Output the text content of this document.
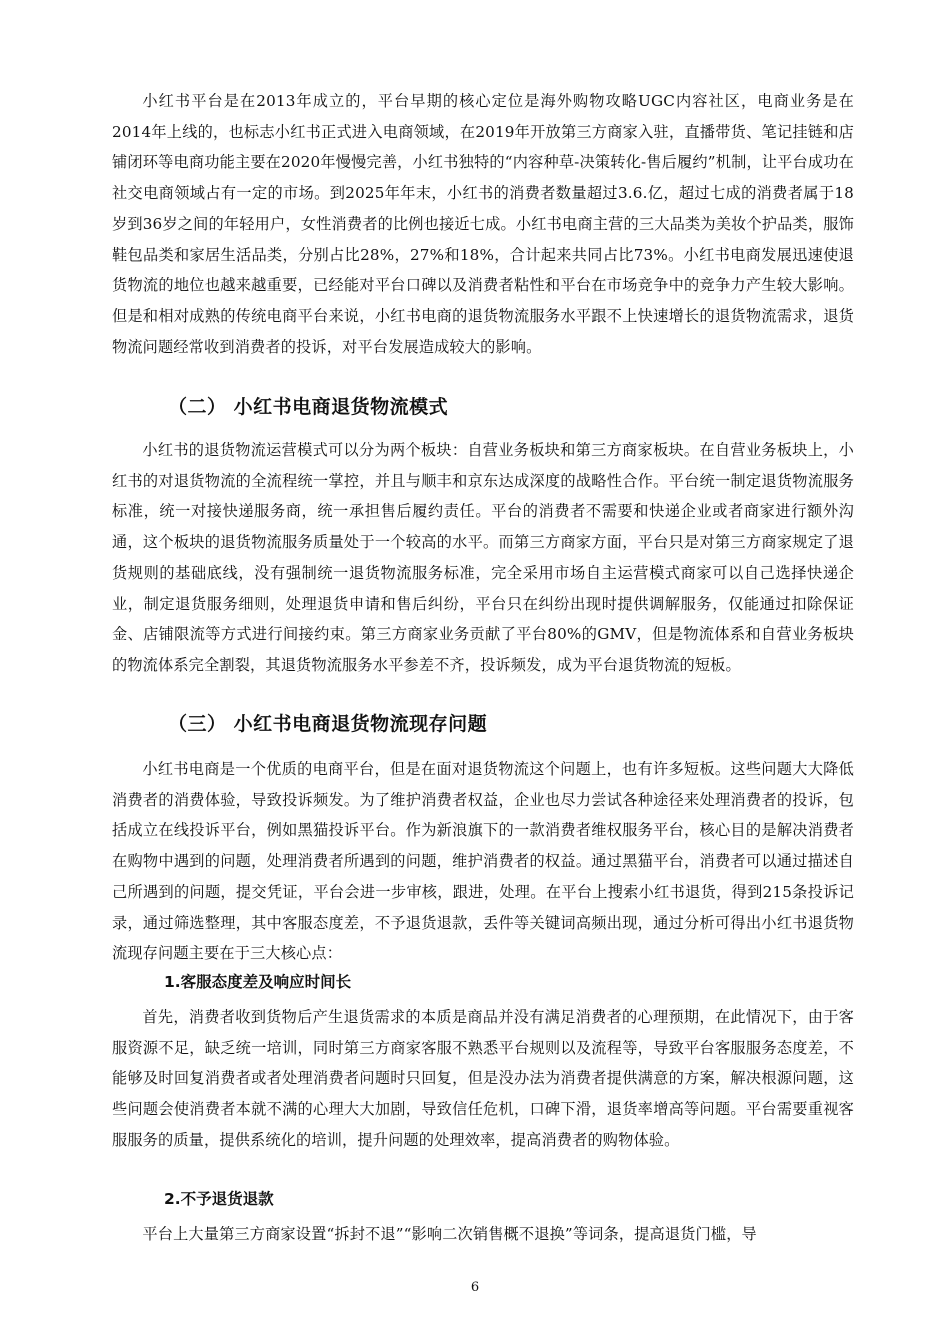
小红书平台是在2013年成立的，平台早期的核心定位是海外购物攻略UGC内容社区，电商业务是在2014年上线的，也标志小红书正式进入电商领域，在2019年开放第三方商家入驻，直播带货、笔记挂链和店铺闭环等电商功能主要在2020年慢慢完善，小红书独特的“内容种草-决策转化-售后履约”机制，让平台成功在社交电商领域占有一定的市场。到2025年年末，小红书的消费者数量超过3.6.亿，超过七成的消费者属于18岁到36岁之间的年轻用户，女性消费者的比例也接近七成。小红书电商主营的三大品类为美妆个护品类，服饰鞋包品类和家居生活品类，分别占比28%，27%和18%，合计起来共同占比73%。小红书电商发展迅速使退货物流的地位也越来越重要，已经能对平台口碑以及消费者粘性和平台在市场竞争中的竞争力产生较大影响。但是和相对成熟的传统电商平台来说，小红书电商的退货物流服务水平跟不上快速增长的退货物流需求，退货物流问题经常收到消费者的投诉，对平台发展造成较大的影响。

（二） 小红书电商退货物流模式

小红书的退货物流运营模式可以分为两个板块：自营业务板块和第三方商家板块。在自营业务板块上，小红书的对退货物流的全流程统一掌控，并且与顺丰和京东达成深度的战略性合作。平台统一制定退货物流服务标准，统一对接快递服务商，统一承担售后履约责任。平台的消费者不需要和快递企业或者商家进行额外沟通，这个板块的退货物流服务质量处于一个较高的水平。而第三方商家方面，平台只是对第三方商家规定了退货规则的基础底线，没有强制统一退货物流服务标准，完全采用市场自主运营模式商家可以自己选择快递企业，制定退货服务细则，处理退货申请和售后纠纷，平台只在纠纷出现时提供调解服务，仅能通过扣除保证金、店铺限流等方式进行间接约束。第三方商家业务贡献了平台80%的GMV，但是物流体系和自营业务板块的物流体系完全割裂，其退货物流服务水平参差不齐，投诉频发，成为平台退货物流的短板。

（三） 小红书电商退货物流现存问题

小红书电商是一个优质的电商平台，但是在面对退货物流这个问题上，也有许多短板。这些问题大大降低消费者的消费体验，导致投诉频发。为了维护消费者权益，企业也尽力尝试各种途径来处理消费者的投诉，包括成立在线投诉平台，例如黑猫投诉平台。作为新浪旗下的一款消费者维权服务平台，核心目的是解决消费者在购物中遇到的问题，处理消费者所遇到的问题，维护消费者的权益。通过黑猫平台，消费者可以通过描述自己所遇到的问题，提交凭证，平台会进一步审核，跟进，处理。在平台上搜索小红书退货，得到215条投诉记录，通过筛选整理，其中客服态度差，不予退货退款，丢件等关键词高频出现，通过分析可得出小红书退货物流现存问题主要在于三大核心点：

1.客服态度差及响应时间长

首先，消费者收到货物后产生退货需求的本质是商品并没有满足消费者的心理预期，在此情况下，由于客服资源不足，缺乏统一培训，同时第三方商家客服不熟悉平台规则以及流程等，导致平台客服服务态度差，不能够及时回复消费者或者处理消费者问题时只回复，但是没办法为消费者提供满意的方案，解决根源问题，这些问题会使消费者本就不满的心理大大加剧，导致信任危机，口碑下滑，退货率增高等问题。平台需要重视客服服务的质量，提供系统化的培训，提升问题的处理效率，提高消费者的购物体验。

2.不予退货退款

平台上大量第三方商家设置“拆封不退”“影响二次销售概不退换”等词条，提高退货门槛，导

6
